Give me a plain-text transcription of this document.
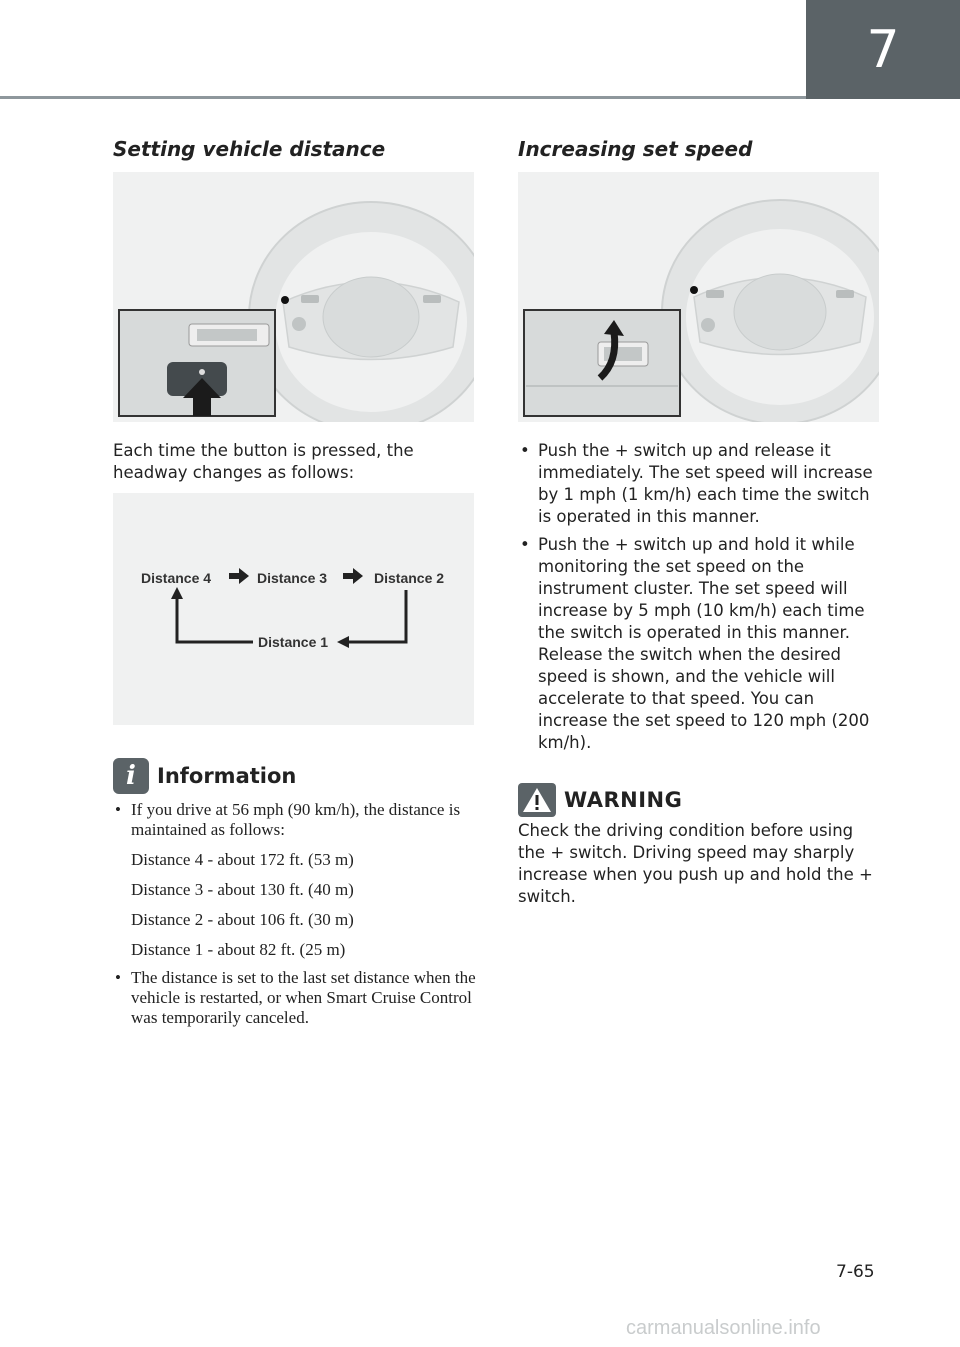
7
Setting vehicle distance

Each time the button is pressed, the headway changes as follows:

Distance 4	Distance 3	Distance 2
Distance 1
i	Information
• If you drive at 56 mph (90 km/h), the distance is maintained as follows:
Distance 4 - about 172 ft. (53 m)
Distance 3 - about 130 ft. (40 m)
Distance 2 - about 106 ft. (30 m)
Distance 1 - about 82 ft. (25 m)
• The distance is set to the last set distance when the vehicle is restarted, or when Smart Cruise Control was temporarily canceled.
Increasing set speed
• Push the + switch up and release it immediately. The set speed will increase by 1 mph (1 km/h) each time the switch is operated in this manner.
• Push the + switch up and hold it while monitoring the set speed on the instrument cluster. The set speed will increase by 5 mph (10 km/h) each time the switch is operated in this manner. Release the switch when the desired speed is shown, and the vehicle will accelerate to that speed. You can increase the set speed to 120 mph (200 km/h).
WARNING

Check the driving condition before using the + switch. Driving speed may sharply increase when you push up and hold the + switch.

7-65
carmanualsonline.info
